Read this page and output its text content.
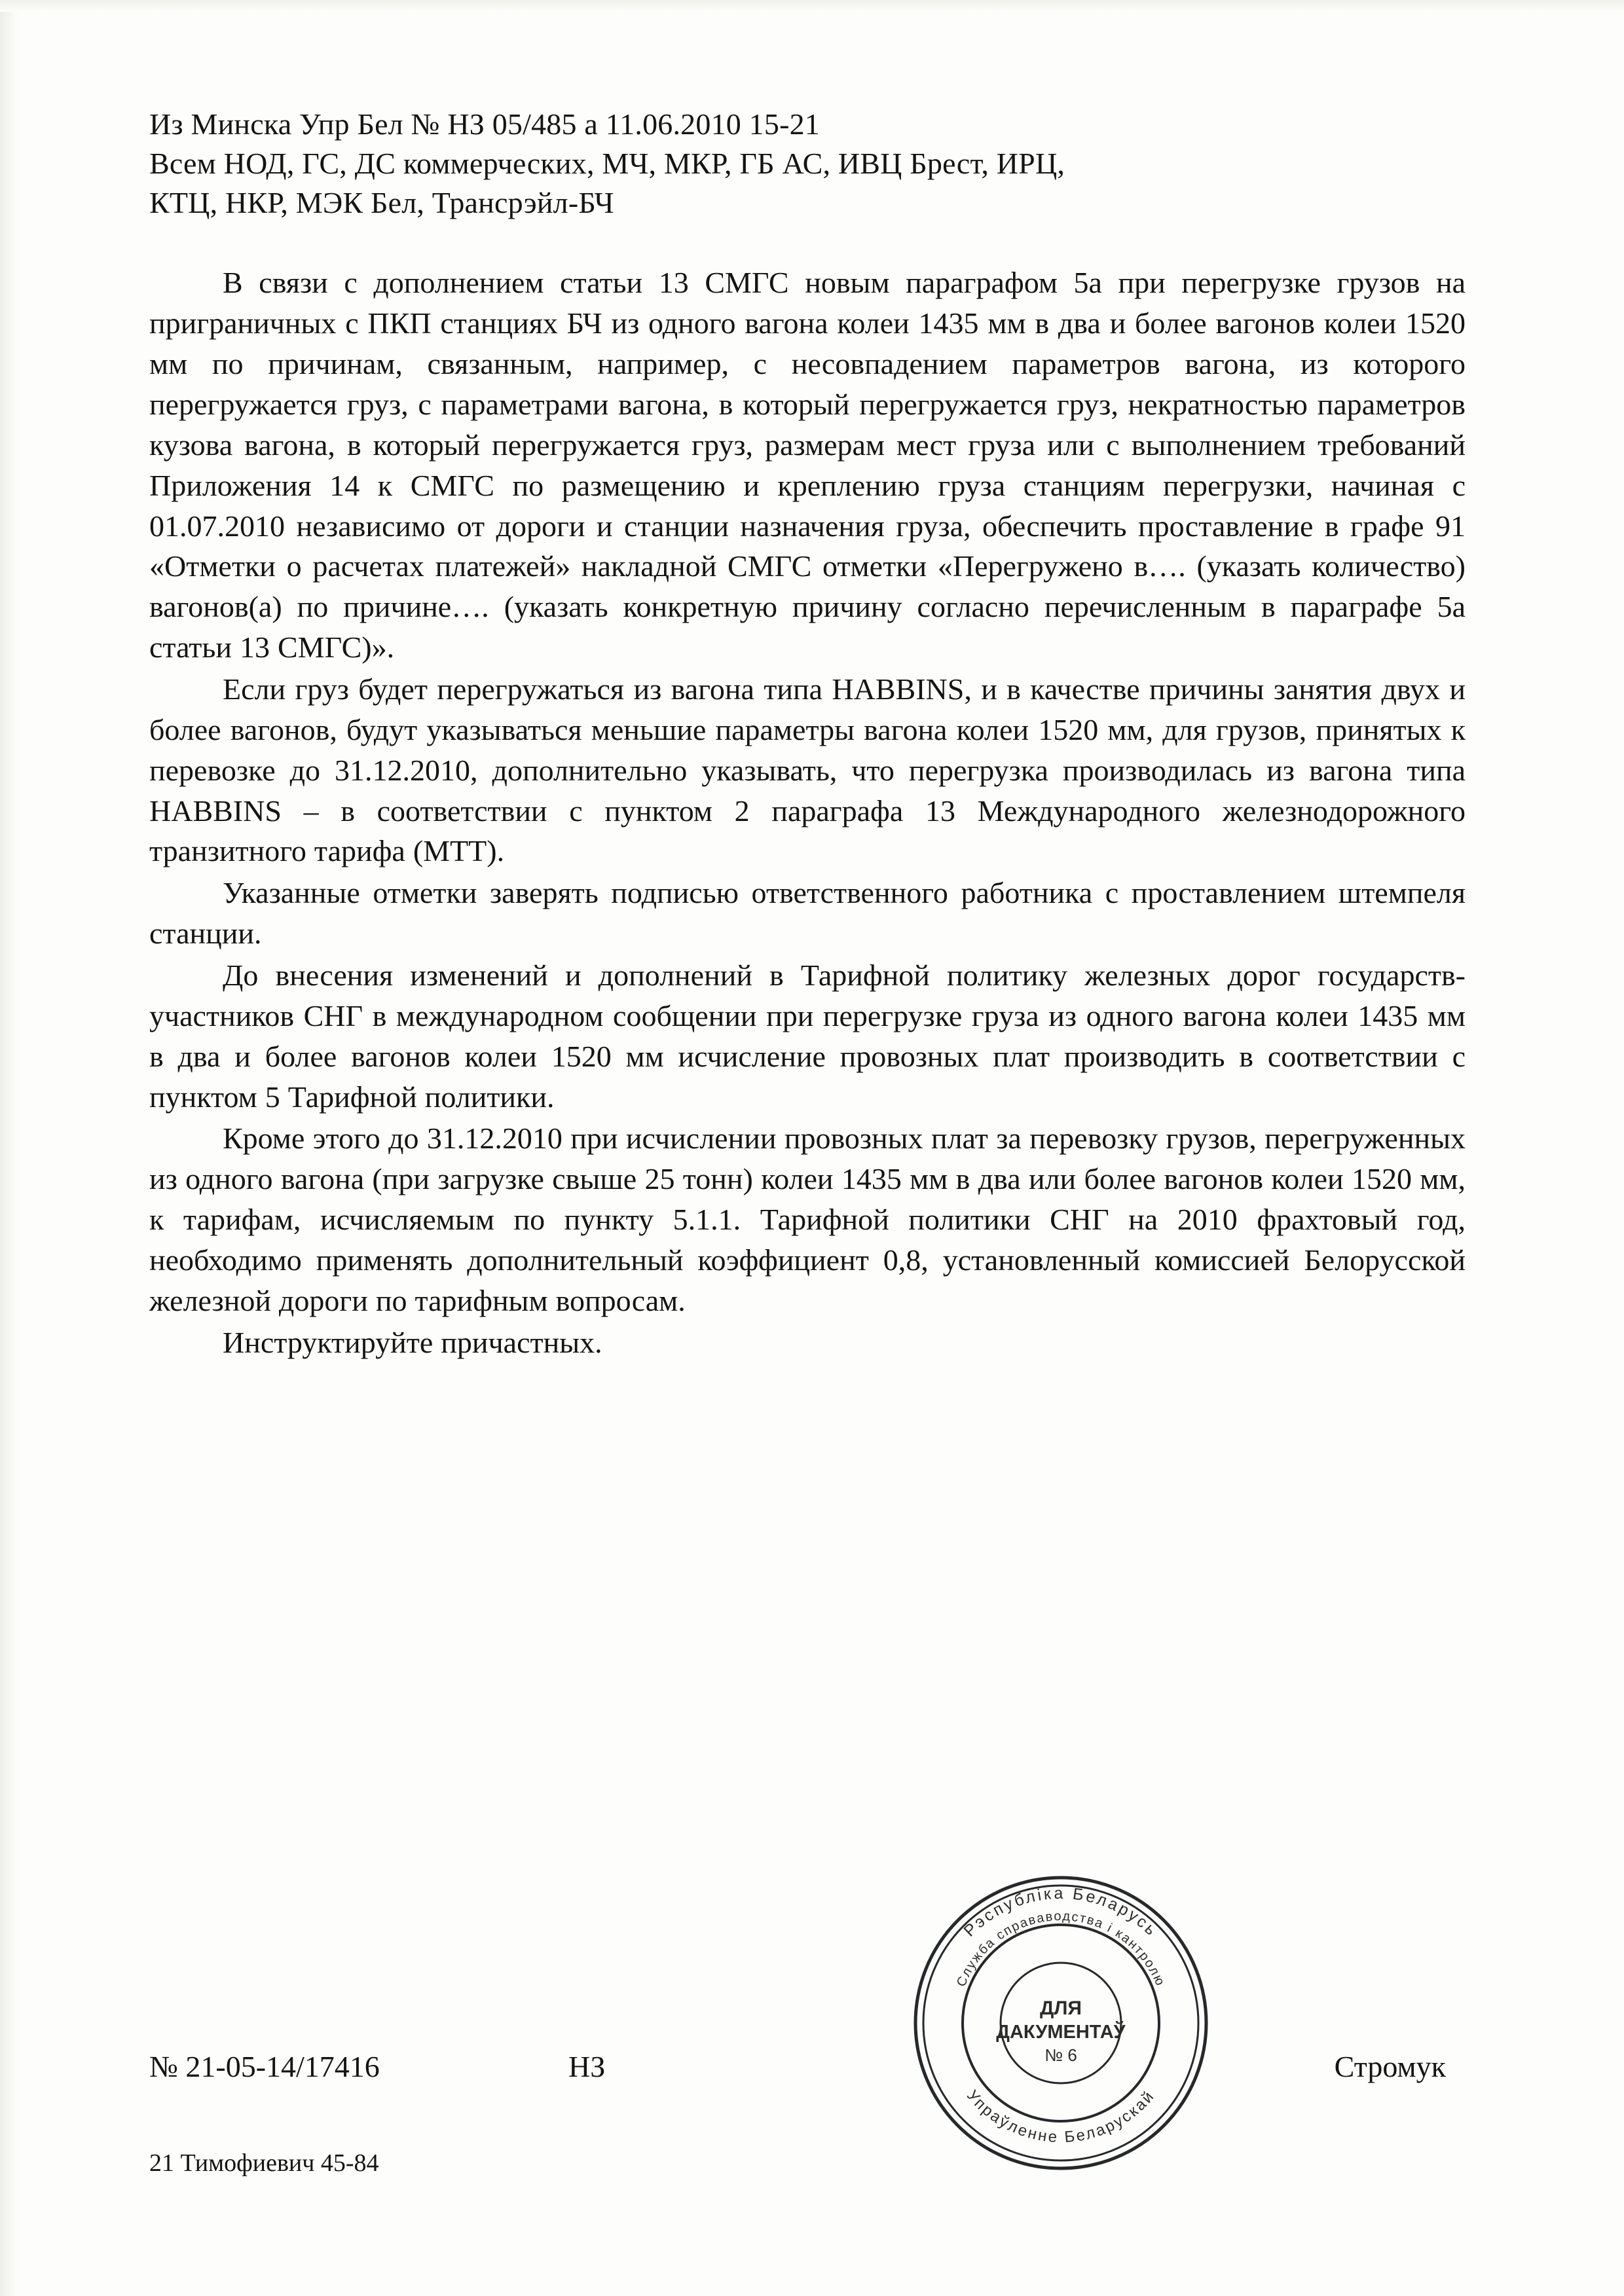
Из Минска Упр Бел № НЗ 05/485 а 11.06.2010 15-21
Всем НОД, ГС, ДС коммерческих, МЧ, МКР, ГБ АС, ИВЦ Брест, ИРЦ,
КТЦ, НКР, МЭК Бел, Трансрэйл-БЧ

В связи с дополнением статьи 13 СМГС новым параграфом 5а при перегрузке грузов на приграничных с ПКП станциях БЧ из одного вагона колеи 1435 мм в два и более вагонов колеи 1520 мм по причинам, связанным, например, с несовпадением параметров вагона, из которого перегружается груз, с параметрами вагона, в который перегружается груз, некратностью параметров кузова вагона, в который перегружается груз, размерам мест груза или с выполнением требований Приложения 14 к СМГС по размещению и креплению груза станциям перегрузки, начиная с 01.07.2010 независимо от дороги и станции назначения груза, обеспечить проставление в графе 91 «Отметки о расчетах платежей» накладной СМГС отметки «Перегружено в…. (указать количество) вагонов(а) по причине…. (указать конкретную причину согласно перечисленным в параграфе 5а статьи 13 СМГС)».

Если груз будет перегружаться из вагона типа HABBINS, и в качестве причины занятия двух и более вагонов, будут указываться меньшие параметры вагона колеи 1520 мм, для грузов, принятых к перевозке до 31.12.2010, дополнительно указывать, что перегрузка производилась из вагона типа HABBINS – в соответствии с пунктом 2 параграфа 13 Международного железнодорожного транзитного тарифа (МТТ).

Указанные отметки заверять подписью ответственного работника с проставлением штемпеля станции.

До внесения изменений и дополнений в Тарифной политику железных дорог государств-участников СНГ в международном сообщении при перегрузке груза из одного вагона колеи 1435 мм в два и более вагонов колеи 1520 мм исчисление провозных плат производить в соответствии с пунктом 5 Тарифной политики.

Кроме этого до 31.12.2010 при исчислении провозных плат за перевозку грузов, перегруженных из одного вагона (при загрузке свыше 25 тонн) колеи 1435 мм в два или более вагонов колеи 1520 мм, к тарифам, исчисляемым по пункту 5.1.1. Тарифной политики СНГ на 2010 фрахтовый год, необходимо применять дополнительный коэффициент 0,8, установленный комиссией Белорусской железной дороги по тарифным вопросам.

Инструктируйте причастных.

Рэспубліка Беларусь
Упраўленне Беларускай
Служба справаводства і кантролю
ДЛЯ
ДАКУМЕНТАЎ
№ 6
№ 21-05-14/17416	НЗ	Стромук
21 Тимофиевич 45-84
